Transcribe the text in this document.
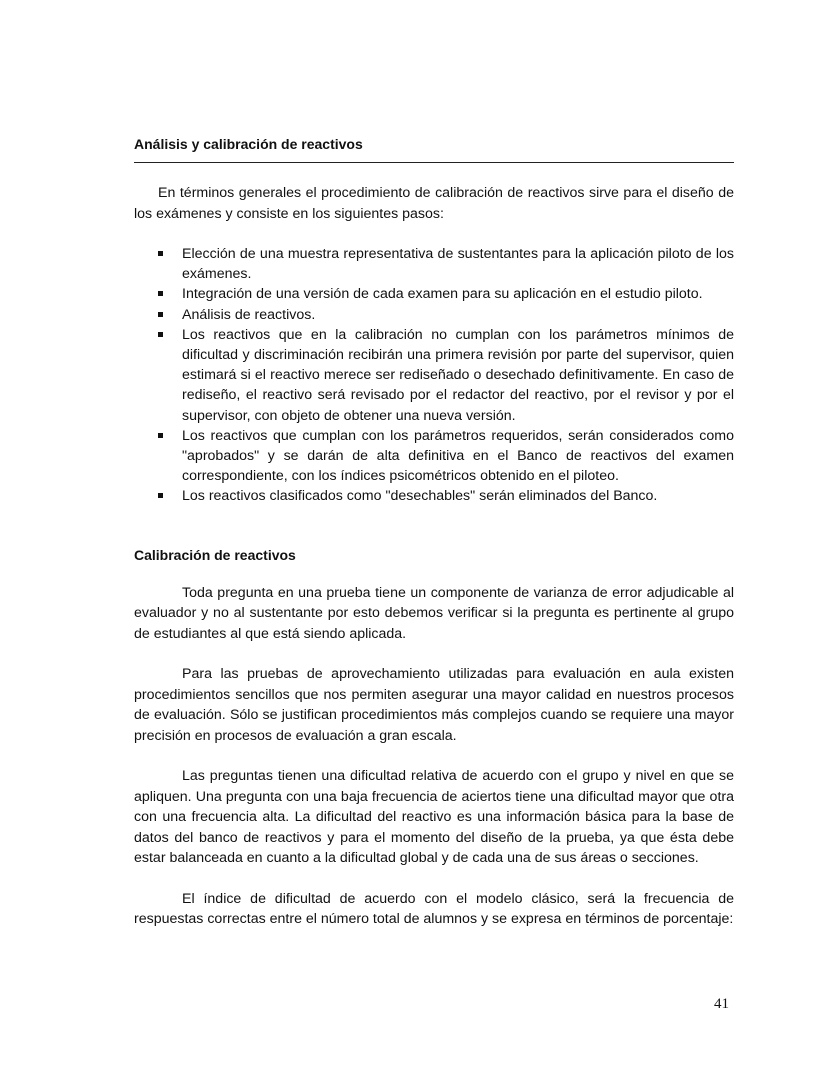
Análisis y calibración de reactivos

En términos generales el procedimiento de calibración de reactivos sirve para el diseño de los exámenes y consiste en los siguientes pasos:

Elección de una muestra representativa de sustentantes para la aplicación piloto de los exámenes.
Integración de una versión de cada examen para su aplicación en el estudio piloto.
Análisis de reactivos.
Los reactivos que en la calibración no cumplan con los parámetros mínimos de dificultad y discriminación recibirán una primera revisión por parte del supervisor, quien estimará si el reactivo merece ser rediseñado o desechado definitivamente. En caso de rediseño, el reactivo será revisado por el redactor del reactivo, por el revisor y por el supervisor, con objeto de obtener una nueva versión.
Los reactivos que cumplan con los parámetros requeridos, serán considerados como "aprobados" y se darán de alta definitiva en el Banco de reactivos del examen correspondiente, con los índices psicométricos obtenido en el piloteo.
Los reactivos clasificados como "desechables" serán eliminados del Banco.
Calibración de reactivos

Toda pregunta en una prueba tiene un componente de varianza de error adjudicable al evaluador y no al sustentante por esto debemos verificar si la pregunta es pertinente al grupo de estudiantes al que está siendo aplicada.

Para las pruebas de aprovechamiento utilizadas para evaluación en aula existen procedimientos sencillos que nos permiten asegurar una mayor calidad en nuestros procesos de evaluación. Sólo se justifican procedimientos más complejos cuando se requiere una mayor precisión en procesos de evaluación a gran escala.

Las preguntas tienen una dificultad relativa de acuerdo con el grupo y nivel en que se apliquen. Una pregunta con una baja frecuencia de aciertos tiene una dificultad mayor que otra con una frecuencia alta. La dificultad del reactivo es una información básica para la base de datos del banco de reactivos y para el momento del diseño de la prueba, ya que ésta debe estar balanceada en cuanto a la dificultad global y de cada una de sus áreas o secciones.

El índice de dificultad de acuerdo con el modelo clásico, será la frecuencia de respuestas correctas entre el número total de alumnos y se expresa en términos de porcentaje:

41
